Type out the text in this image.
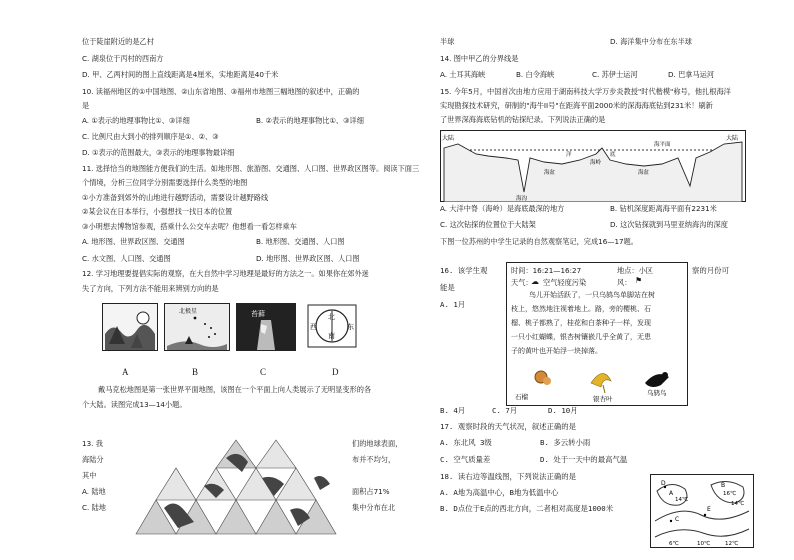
北极星	苔藓	北
南
西	东
A	B	C	D
大陆	大陆
海平面
海岭
海盆	海盆
海沟
洋	底
时间：16:21—16:27	地点：小区
天气： 空气轻度污染	风：
☁	⚑
鸟儿开始活跃了，一只乌鸫鸟单脚站在树
枝上，悠然地注视着地上。路，旁的樱桃、石
榴、桃子都熟了，桂花和白茶种子一样，发现
一只小红蝴蝶，银杏树镶嵌几乎全黄了，无患
子的黄叶也开始浮一块掉落。
石榴	银杏叶
乌鸫鸟
D
A
14℃
B
16℃
14℃
C
E
6℃	10℃	12℃
位于陡崖附近的是乙村
C. 湖泉位于丙村的西南方
D. 甲、乙两村间的图上直线距离是4厘米，实地距离是40千米
10. 读福州地区的①中国地图、②山东省地图、③福州市地图三幅地图的叙述中，正确的
是
C. 比例尺由大到小的排列顺序是①、②、③
D. ①表示的范围最大，③表示的地理事物最详细
11. 选择恰当的地图能方便我们的生活。如地形图、旅游图、交通图、人口图、世界政区图等。阅读下面三
个情境，分析三位同学分别需要选择什么类型的地图
①小方准备到郊外的山地进行越野活动，需要设计越野路线
②某会议在日本举行，小强想找一找日本的位置
③小明想去博物馆参观，搭乘什么公交车去呢？他想看一看怎样乘车
12. 学习地理要提倡实际的观察，在大自然中学习地理是最好的方法之一。如果你在郊外迷
失了方向，下列方法不能用来辨别方向的是
戴马克松地图是第一张世界平面地图，该图在一个平面上向人类展示了无明显变形的各
个大陆。读图完成13—14小题。
13. 我
海陆分
其中
A. 陆地
C. 陆地
们的地球表面，
布并不均匀，
面积占71%
集中分布在北
A. ①表示的地理事物比①、③详细	B. ②表示的地理事物比①、③详细
A. 地形图、世界政区图、交通图	B. 地形图、交通图、人口图
C. 水文图、人口图、交通图	D. 地形图、世界政区图、人口图
半球	D. 海洋集中分布在东半球
14. 图中甲乙的分界线是
15. 今年5月，中国首次由地方应用于湖南科技大学万步炎教授"时代楷模"称号，他扎根海洋
实现勘探技术研究，研制的"海牛II号"在距海平面2000米的深海海底钻到231米！刷新
了世界深海海底钻机的钻探纪录。下列说法正确的是
A. 大洋中脊（海岭）是海底最深的地方	B. 钻机深度距离海平面有2231米
C. 这次钻探的位置位于大陆架	D. 这次钻探就到马里亚纳海沟的深度
下图一位苏州的中学生记录的自然观察笔记，完成16—17题。
A. 土耳其海峡	B. 白令海峡	C. 苏伊士运河	D. 巴拿马运河
16. 该学生观	察的月份可
能是
A. 1月
B. 4月	C. 7月	D. 10月
17. 观察时段的天气状况，叙述正确的是
A. 东北风 3级	B. 多云转小雨
C. 空气质量差	D. 处于一天中的最高气温
18. 读右边等温线图，下列说法正确的是
A. A地为高温中心，B地为低温中心
B. D点位于E点的西北方向，二者相对高度是1000米
